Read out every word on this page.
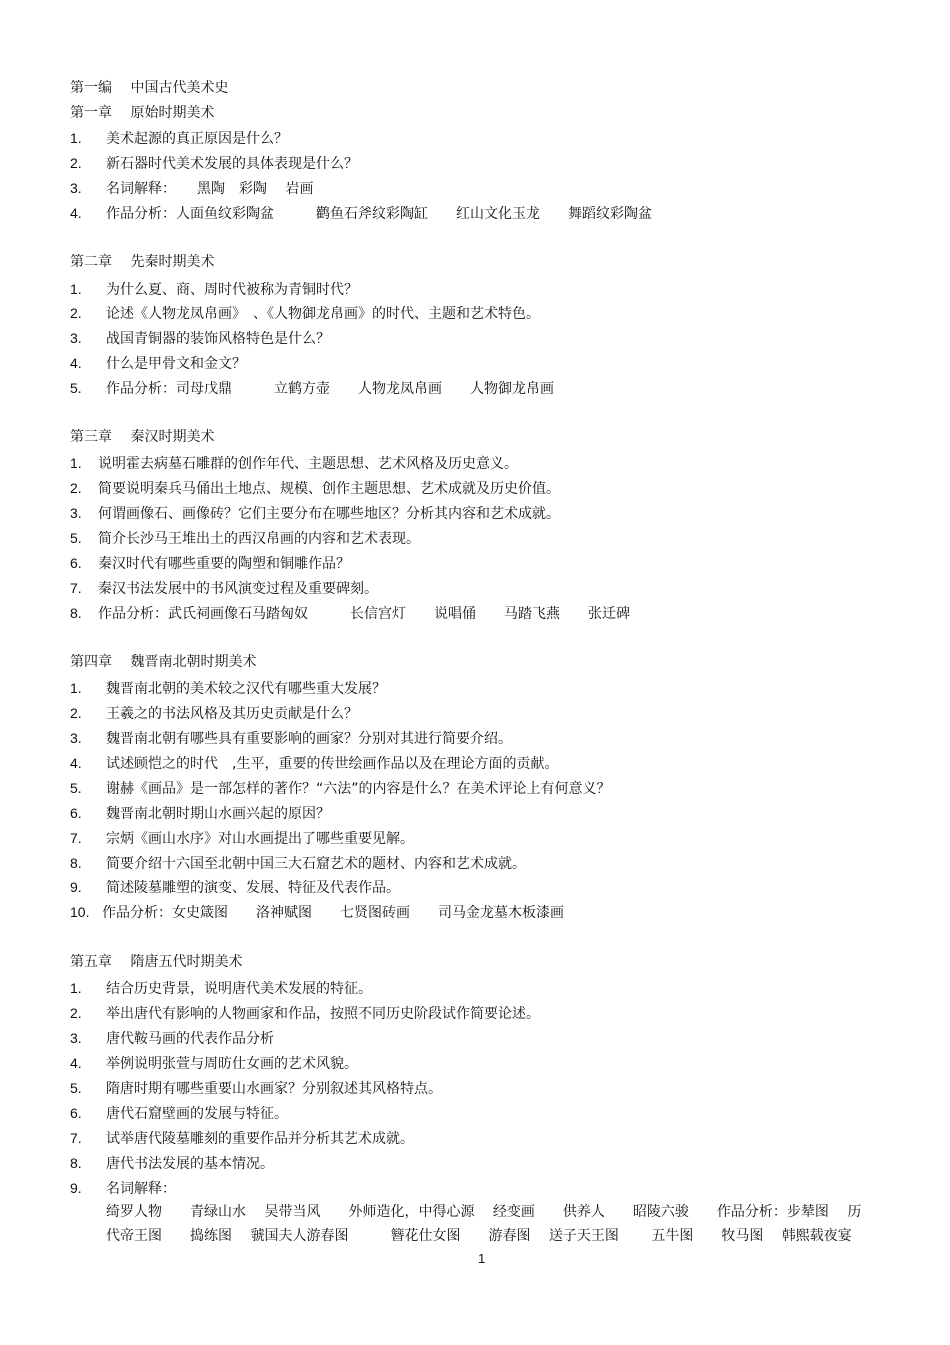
第一编　 中国古代美术史
第一章　 原始时期美术
1. 美术起源的真正原因是什么？
2. 新石器时代美术发展的具体表现是什么？
3. 名词解释：　　黑陶　彩陶　 岩画
4. 作品分析：人面鱼纹彩陶盆　　　鹳鱼石斧纹彩陶缸　　红山文化玉龙　　舞蹈纹彩陶盆
第二章　 先秦时期美术
1. 为什么夏、商、周时代被称为青铜时代？
2. 论述《人物龙凤帛画》　、《人物御龙帛画》的时代、主题和艺术特色。
3. 战国青铜器的装饰风格特色是什么？
4. 什么是甲骨文和金文？
5. 作品分析：司母戊鼎　　　立鹤方壶　　人物龙凤帛画　　人物御龙帛画
第三章　 秦汉时期美术
1. 说明霍去病墓石雕群的创作年代、主题思想、艺术风格及历史意义。
2. 简要说明秦兵马俑出土地点、规模、创作主题思想、艺术成就及历史价值。
3. 何谓画像石、画像砖？它们主要分布在哪些地区？分析其内容和艺术成就。
5. 简介长沙马王堆出土的西汉帛画的内容和艺术表现。
6. 秦汉时代有哪些重要的陶塑和铜雕作品？
7. 秦汉书法发展中的书风演变过程及重要碑刻。
8. 作品分析：武氏祠画像石马踏匈奴　　　长信宫灯　　说唱俑　　马踏飞燕　　张迁碑
第四章　 魏晋南北朝时期美术
1. 魏晋南北朝的美术较之汉代有哪些重大发展？
2. 王羲之的书法风格及其历史贡献是什么？
3. 魏晋南北朝有哪些具有重要影响的画家？分别对其进行简要介绍。
4. 试述顾恺之的时代　,生平，重要的传世绘画作品以及在理论方面的贡献。
5. 谢赫《画品》是一部怎样的著作？“六法”的内容是什么？在美术评论上有何意义？
6. 魏晋南北朝时期山水画兴起的原因？
7. 宗炳《画山水序》对山水画提出了哪些重要见解。
8. 简要介绍十六国至北朝中国三大石窟艺术的题材、内容和艺术成就。
9. 简述陵墓雕塑的演变、发展、特征及代表作品。
10. 作品分析：女史箴图　　洛神赋图　　七贤图砖画　　司马金龙墓木板漆画
第五章　 隋唐五代时期美术
1. 结合历史背景，说明唐代美术发展的特征。
2. 举出唐代有影响的人物画家和作品，按照不同历史阶段试作简要论述。
3. 唐代鞍马画的代表作品分析
4. 举例说明张萱与周昉仕女画的艺术风貌。
5. 隋唐时期有哪些重要山水画家？分别叙述其风格特点。
6. 唐代石窟壁画的发展与特征。
7. 试举唐代陵墓雕刻的重要作品并分析其艺术成就。
8. 唐代书法发展的基本情况。
9. 名词解释：
绮罗人物　　青绿山水　 吴带当风　　外师造化，中得心源　 经变画　　供养人　　昭陵六骏　　作品分析：步辇图　 历
代帝王图　　捣练图　 虢国夫人游春图　　　簪花仕女图　　游春图　 送子天王图　　 五牛图　　牧马图　 韩熙载夜宴
1
